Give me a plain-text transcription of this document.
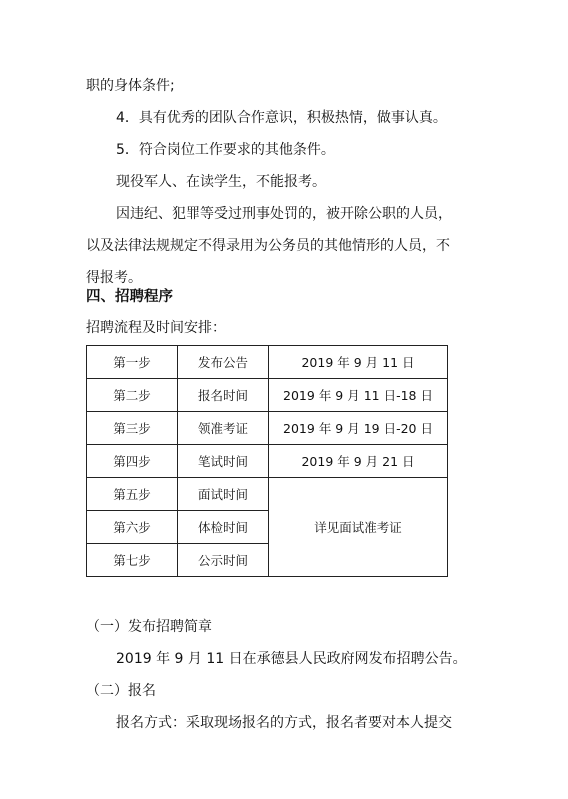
职的身体条件;
4．具有优秀的团队合作意识，积极热情，做事认真。
5．符合岗位工作要求的其他条件。
现役军人、在读学生，不能报考。
因违纪、犯罪等受过刑事处罚的，被开除公职的人员，
以及法律法规规定不得录用为公务员的其他情形的人员，不
得报考。
四、招聘程序
招聘流程及时间安排：
第一步	发布公告	2019 年 9 月 11 日
第二步	报名时间	2019 年 9 月 11 日-18 日
第三步	领准考证	2019 年 9 月 19 日-20 日
第四步	笔试时间	2019 年 9 月 21 日
第五步	面试时间	详见面试准考证
第六步	体检时间	
第七步	公示时间	
（一）发布招聘简章
2019 年 9 月 11 日在承德县人民政府网发布招聘公告。
（二）报名
报名方式：采取现场报名的方式，报名者要对本人提交
